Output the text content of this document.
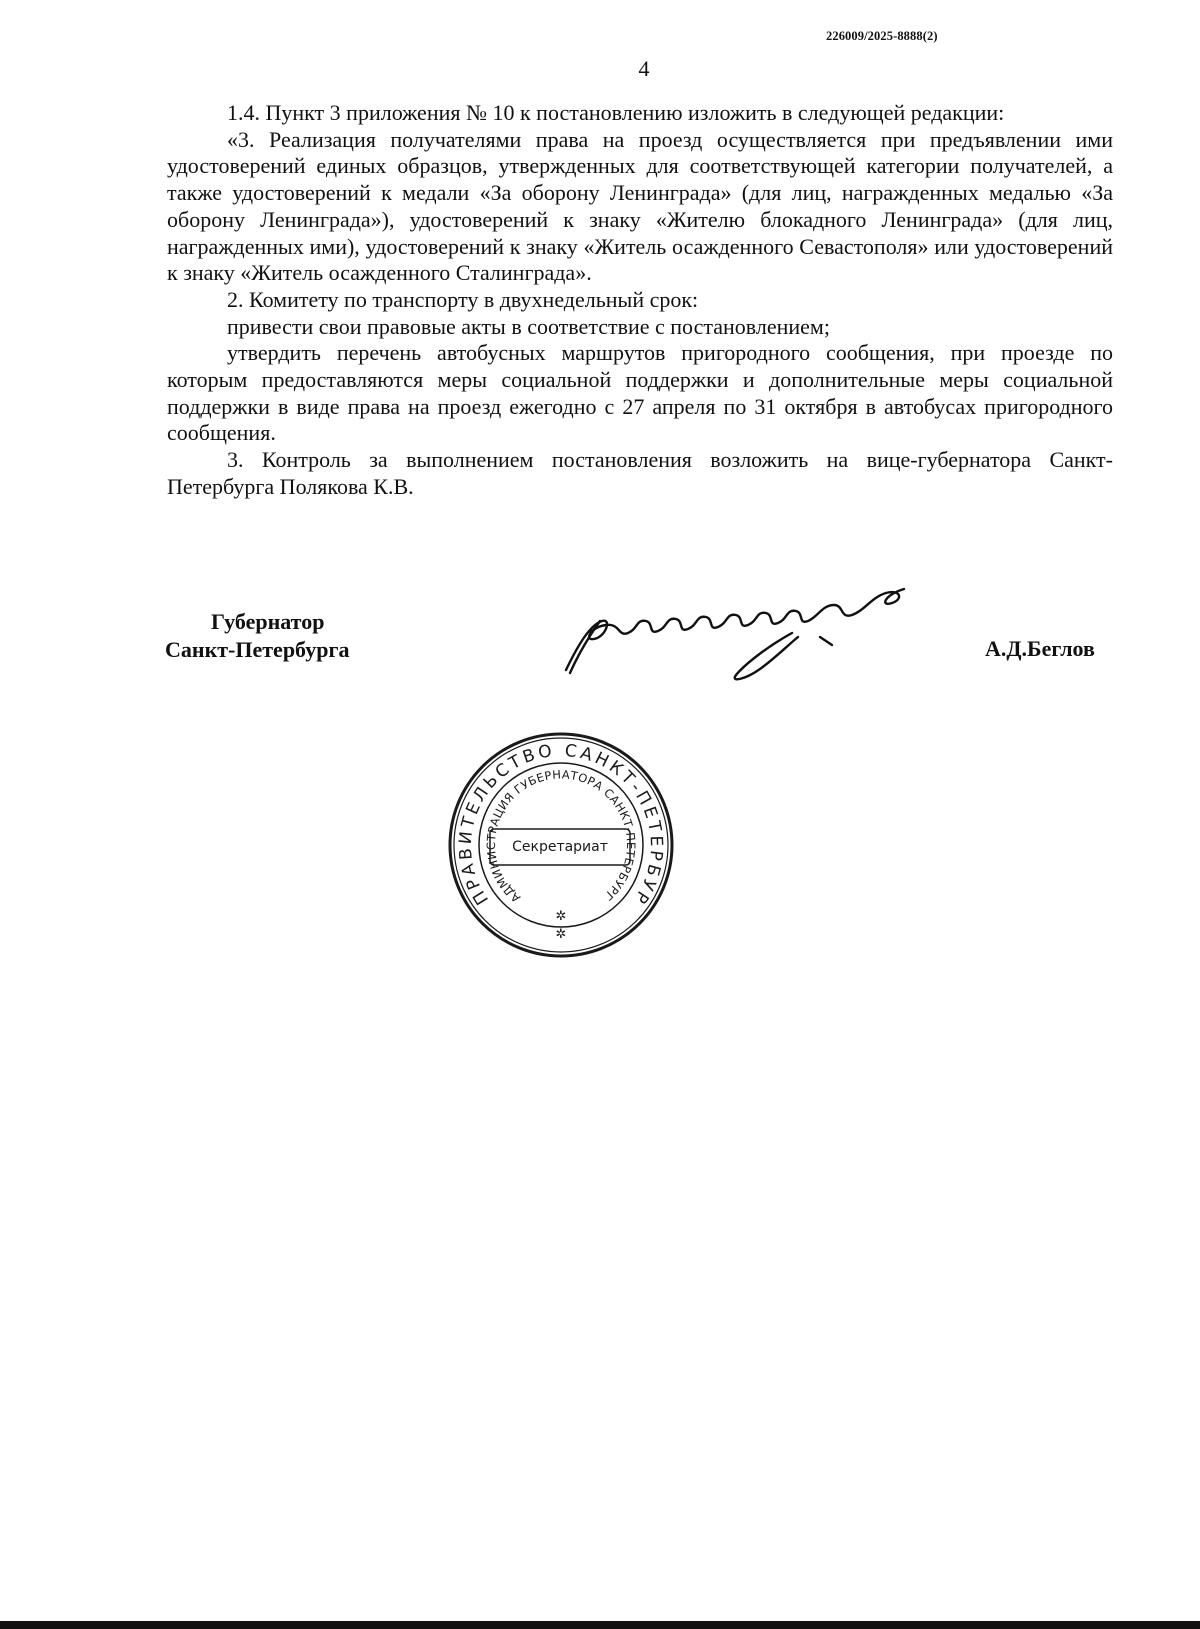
226009/2025-8888(2)
4

1.4. Пункт 3 приложения № 10 к постановлению изложить в следующей редакции:

«3. Реализация получателями права на проезд осуществляется при предъявлении ими удостоверений единых образцов, утвержденных для соответствующей категории получателей, а также удостоверений к медали «За оборону Ленинграда» (для лиц, награжденных медалью «За оборону Ленинграда»), удостоверений к знаку «Жителю блокадного Ленинграда» (для лиц, награжденных ими), удостоверений к знаку «Житель осажденного Севастополя» или удостоверений к знаку «Житель осажденного Сталинграда».

2. Комитету по транспорту в двухнедельный срок:

привести свои правовые акты в соответствие с постановлением;

утвердить перечень автобусных маршрутов пригородного сообщения, при проезде по которым предоставляются меры социальной поддержки и дополнительные меры социальной поддержки в виде права на проезд ежегодно с 27 апреля по 31 октября в автобусах пригородного сообщения.

3. Контроль за выполнением постановления возложить на вице-губернатора Санкт-Петербурга Полякова К.В.

Губернатор
Санкт-Петербурга	А.Д.Беглов
ПРАВИТЕЛЬСТВО САНКТ-ПЕТЕРБУР
АДМИНИСТРАЦИЯ ГУБЕРНАТОРА САНКТ-ПЕТЕРБУРГ
✲
✲
Секретариат
